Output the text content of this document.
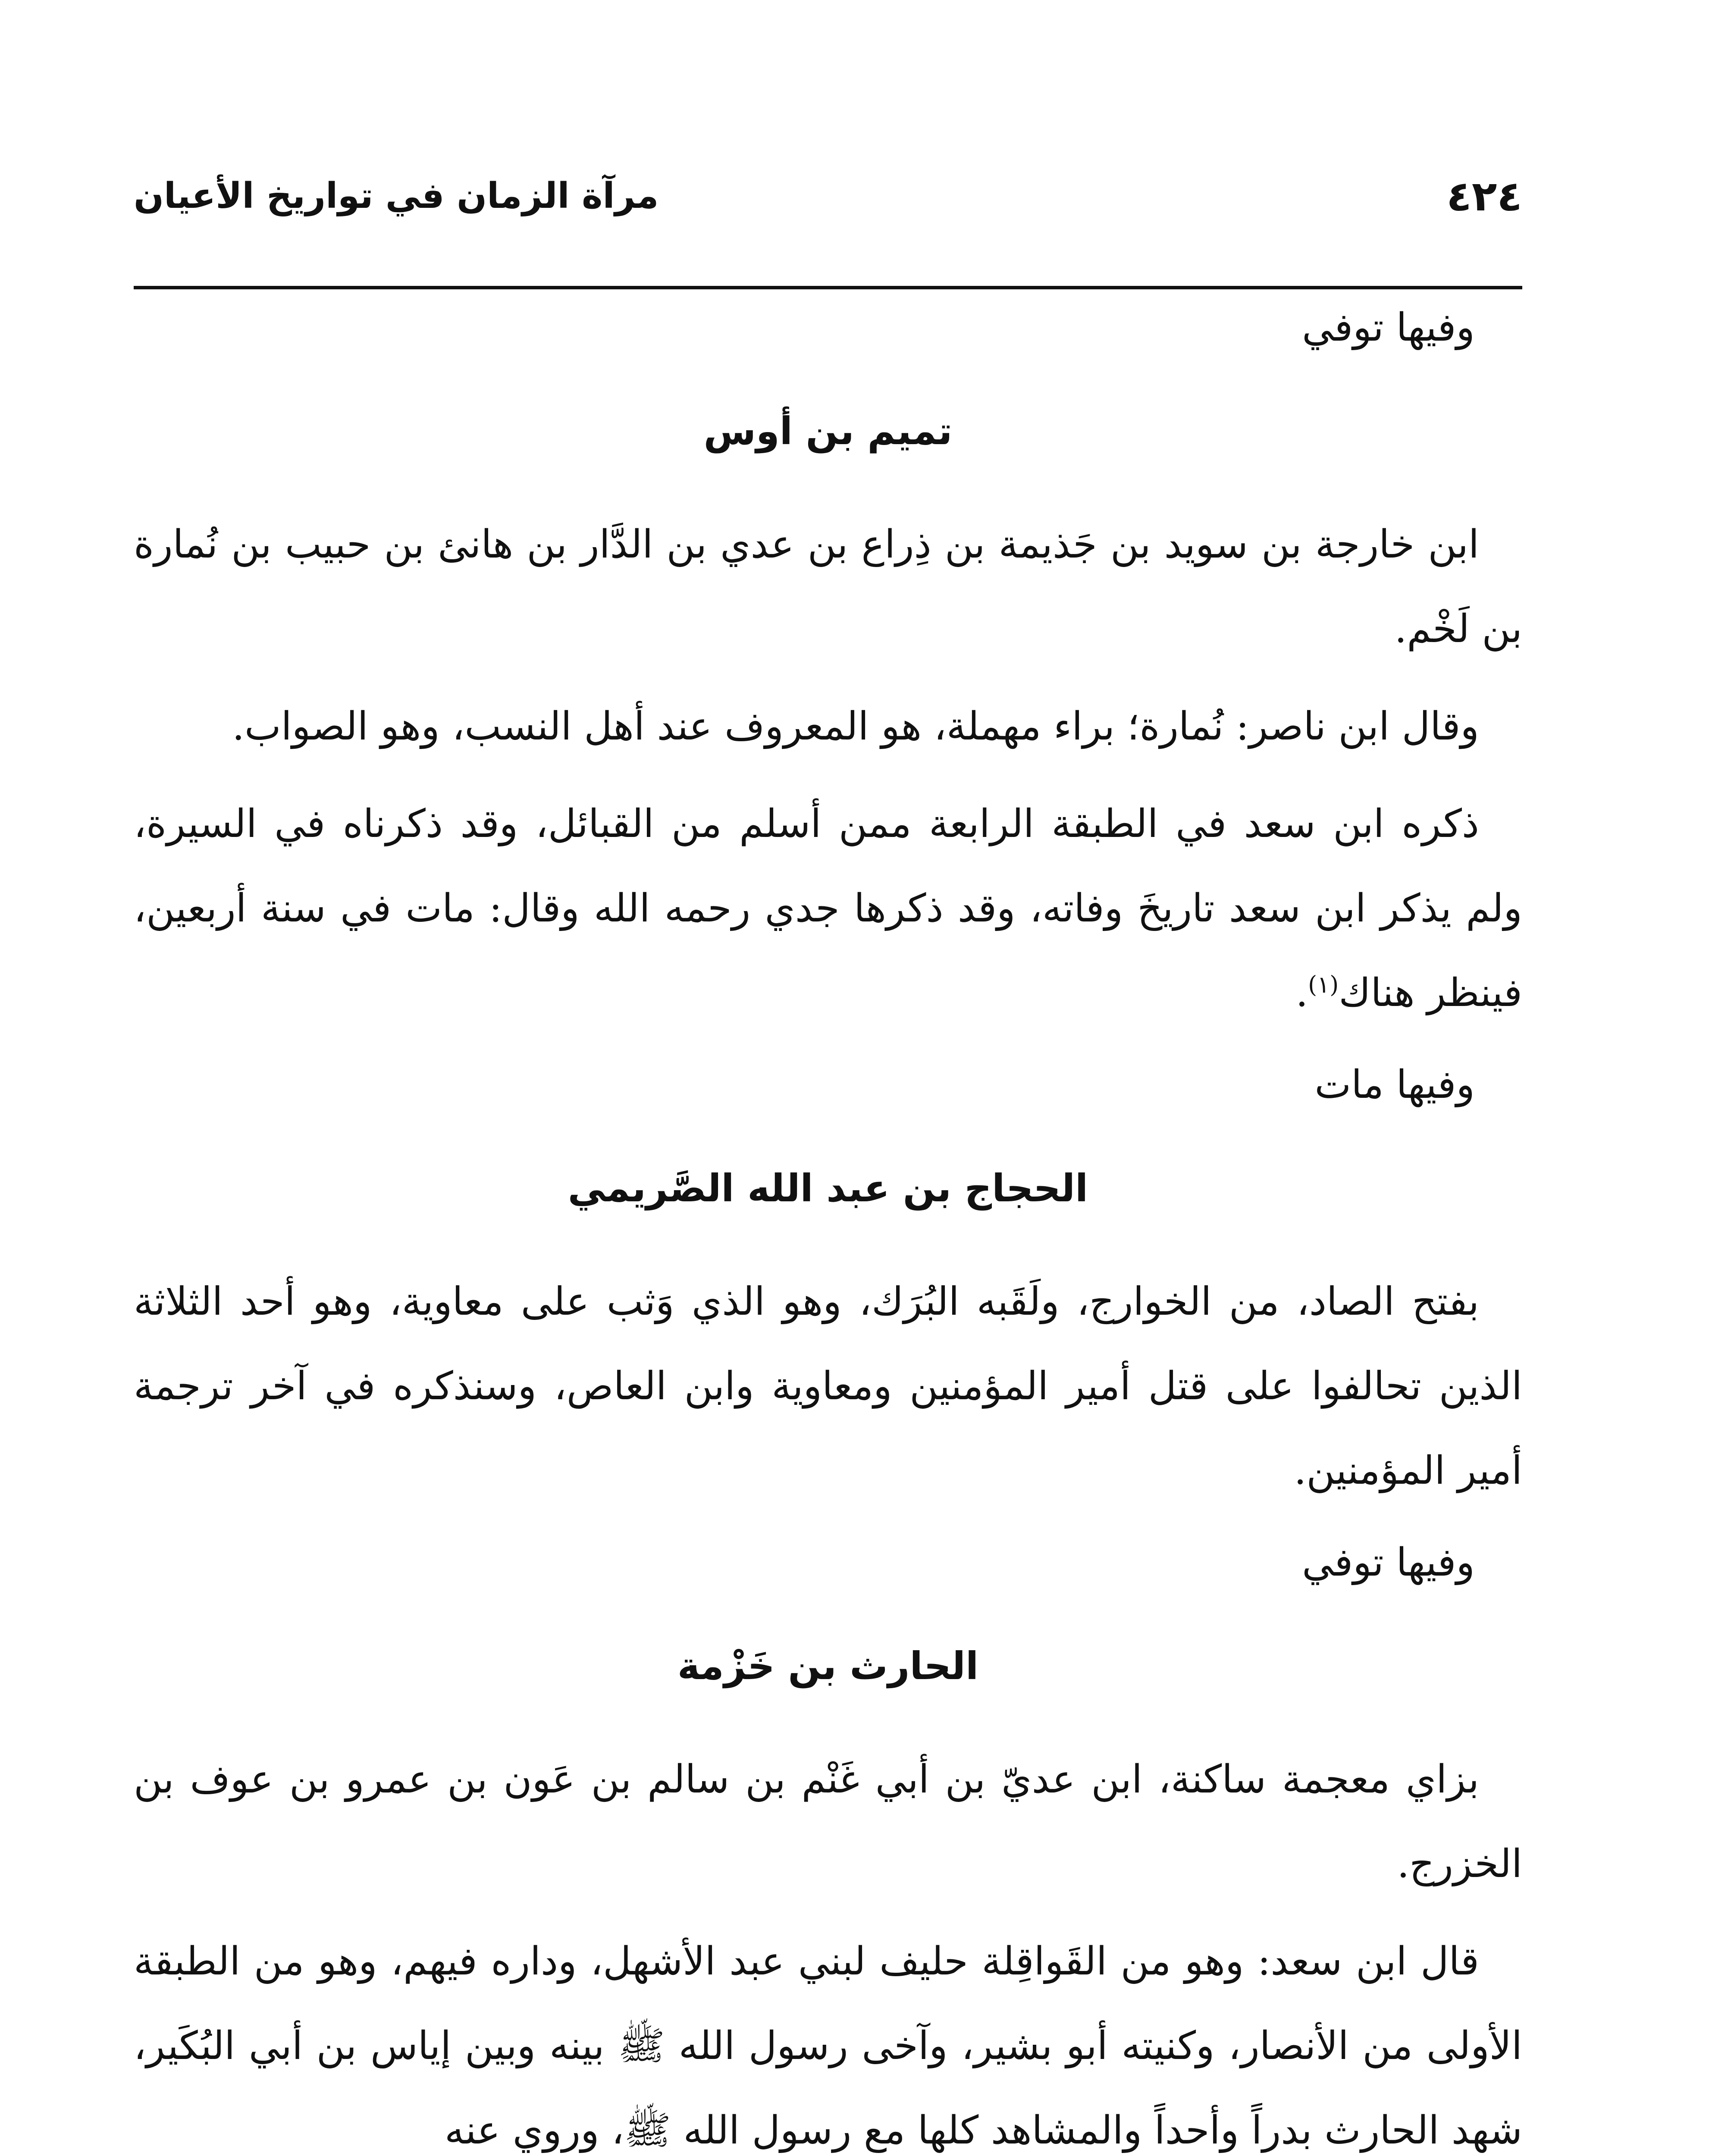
٤٢٤
مرآة الزمان في تواريخ الأعيان
وفيها توفي
تميم بن أوس

ابن خارجة بن سويد بن جَذيمة بن ذِراع بن عدي بن الدَّار بن هانئ بن حبيب بن نُمارة بن لَخْم.

وقال ابن ناصر: نُمارة؛ براء مهملة، هو المعروف عند أهل النسب، وهو الصواب.

ذكره ابن سعد في الطبقة الرابعة ممن أسلم من القبائل، وقد ذكرناه في السيرة، ولم يذكر ابن سعد تاريخَ وفاته، وقد ذكرها جدي رحمه الله وقال: مات في سنة أربعين، فينظر هناك$^{(١)}$.

وفيها مات
الحجاج بن عبد الله الصَّريمي

بفتح الصاد، من الخوارج، ولَقَبه البُرَك، وهو الذي وَثب على معاوية، وهو أحد الثلاثة الذين تحالفوا على قتل أمير المؤمنين ومعاوية وابن العاص، وسنذكره في آخر ترجمة أمير المؤمنين.

وفيها توفي
الحارث بن خَزْمة

بزاي معجمة ساكنة، ابن عديّ بن أبي غَنْم بن سالم بن عَون بن عمرو بن عوف بن الخزرج.

قال ابن سعد: وهو من القَواقِلة حليف لبني عبد الأشهل، وداره فيهم، وهو من الطبقة الأولى من الأنصار، وكنيته أبو بشير، وآخى رسول الله ﷺ بينه وبين إياس بن أبي البُكَير، شهد الحارث بدراً وأحداً والمشاهد كلها مع رسول الله ﷺ، وروي عنه
